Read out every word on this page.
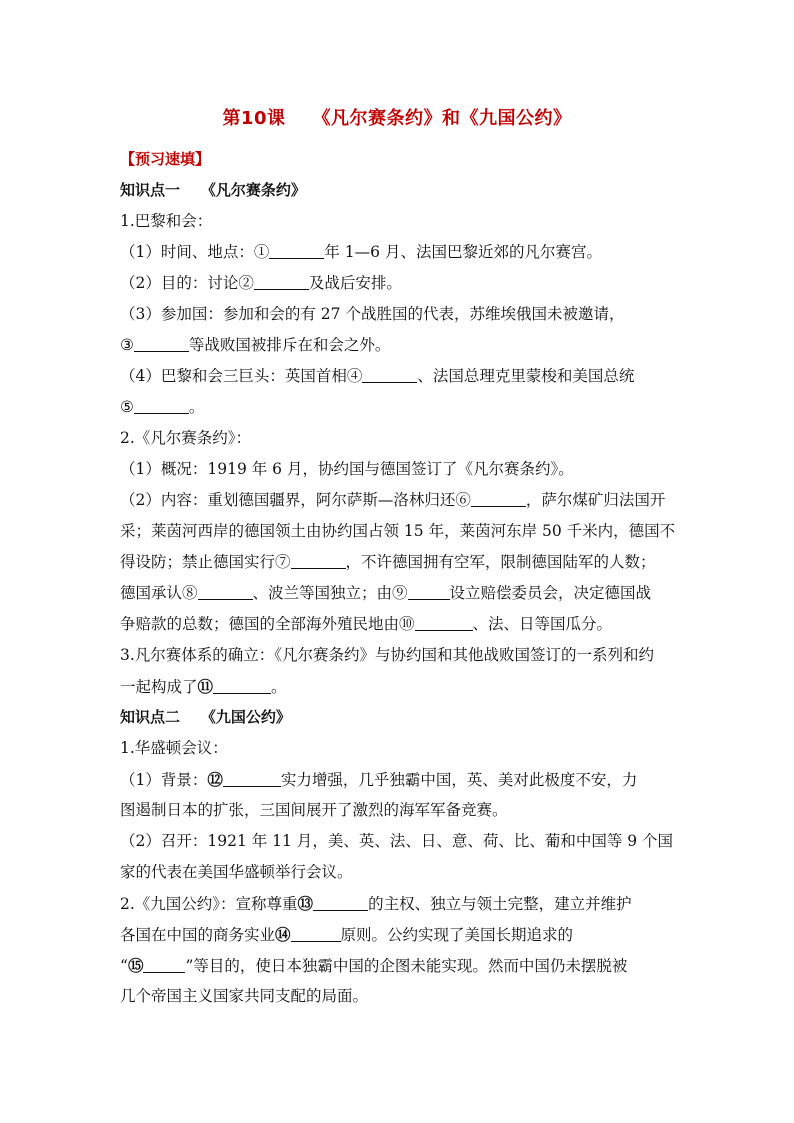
第10课    《凡尔赛条约》和《九国公约》
【预习速填】
知识点一    《凡尔赛条约》
1.巴黎和会：
（1）时间、地点：①	年 1—6 月、法国巴黎近郊的凡尔赛宫。
（2）目的：讨论②	及战后安排。
（3）参加国：参加和会的有 27 个战胜国的代表，苏维埃俄国未被邀请，
③	等战败国被排斥在和会之外。
（4）巴黎和会三巨头：英国首相④	、法国总理克里蒙梭和美国总统
⑤	。
2.《凡尔赛条约》：
（1）概况：1919 年 6 月，协约国与德国签订了《凡尔赛条约》。
（2）内容：重划德国疆界，阿尔萨斯—洛林归还⑥	，萨尔煤矿归法国开
采；莱茵河西岸的德国领土由协约国占领 15 年，莱茵河东岸 50 千米内，德国不
得设防；禁止德国实行⑦	，不许德国拥有空军，限制德国陆军的人数；
德国承认⑧	、波兰等国独立；由⑨	设立赔偿委员会，决定德国战
争赔款的总数；德国的全部海外殖民地由⑩	、法、日等国瓜分。
3.凡尔赛体系的确立：《凡尔赛条约》与协约国和其他战败国签订的一系列和约
一起构成了⑪	。
知识点二    《九国公约》
1.华盛顿会议：
（1）背景：⑫	实力增强，几乎独霸中国，英、美对此极度不安，力
图遏制日本的扩张，三国间展开了激烈的海军军备竞赛。
（2）召开：1921 年 11 月，美、英、法、日、意、荷、比、葡和中国等 9 个国
家的代表在美国华盛顿举行会议。
2.《九国公约》：宣称尊重⑬	的主权、独立与领土完整，建立并维护
各国在中国的商务实业⑭	原则。公约实现了美国长期追求的
“⑮	”等目的，使日本独霸中国的企图未能实现。然而中国仍未摆脱被
几个帝国主义国家共同支配的局面。
